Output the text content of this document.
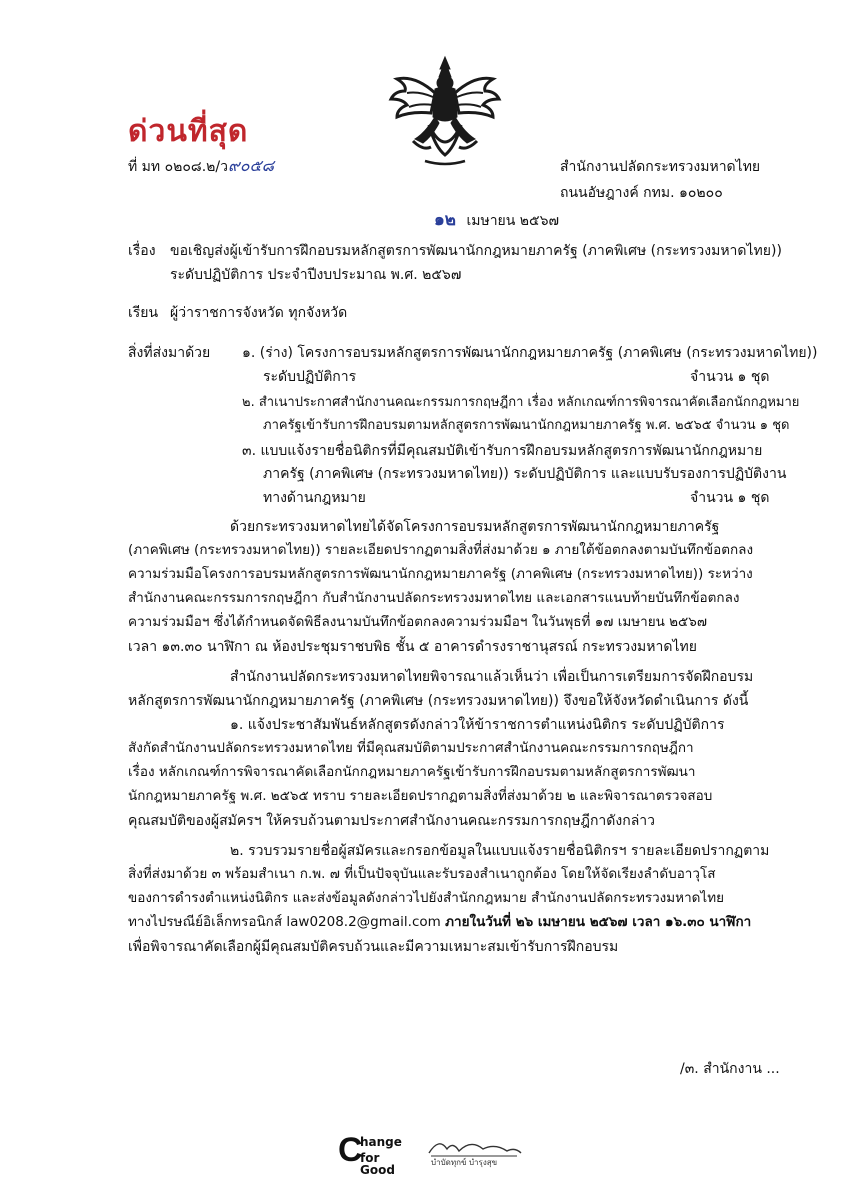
ด่วนที่สุด
ที่ มท ๐๒๐๘.๒/ว๙๐๕๘	สำนักงานปลัดกระทรวงมหาดไทย
ถนนอัษฎางค์ กทม. ๑๐๒๐๐
๑๒ เมษายน ๒๕๖๗
เรื่อง ขอเชิญส่งผู้เข้ารับการฝึกอบรมหลักสูตรการพัฒนานักกฎหมายภาครัฐ (ภาคพิเศษ (กระทรวงมหาดไทย))
ระดับปฏิบัติการ ประจำปีงบประมาณ พ.ศ. ๒๕๖๗
เรียน ผู้ว่าราชการจังหวัด ทุกจังหวัด
สิ่งที่ส่งมาด้วย ๑. (ร่าง) โครงการอบรมหลักสูตรการพัฒนานักกฎหมายภาครัฐ (ภาคพิเศษ (กระทรวงมหาดไทย))
ระดับปฏิบัติการ	จำนวน ๑ ชุด
๒. สำเนาประกาศสำนักงานคณะกรรมการกฤษฎีกา เรื่อง หลักเกณฑ์การพิจารณาคัดเลือกนักกฎหมาย
ภาครัฐเข้ารับการฝึกอบรมตามหลักสูตรการพัฒนานักกฎหมายภาครัฐ พ.ศ. ๒๕๖๕ จำนวน ๑ ชุด
๓. แบบแจ้งรายชื่อนิติกรที่มีคุณสมบัติเข้ารับการฝึกอบรมหลักสูตรการพัฒนานักกฎหมาย
ภาครัฐ (ภาคพิเศษ (กระทรวงมหาดไทย)) ระดับปฏิบัติการ และแบบรับรองการปฏิบัติงาน
ทางด้านกฎหมาย	จำนวน ๑ ชุด
ด้วยกระทรวงมหาดไทยได้จัดโครงการอบรมหลักสูตรการพัฒนานักกฎหมายภาครัฐ
(ภาคพิเศษ (กระทรวงมหาดไทย)) รายละเอียดปรากฏตามสิ่งที่ส่งมาด้วย ๑ ภายใต้ข้อตกลงตามบันทึกข้อตกลง
ความร่วมมือโครงการอบรมหลักสูตรการพัฒนานักกฎหมายภาครัฐ (ภาคพิเศษ (กระทรวงมหาดไทย)) ระหว่าง
สำนักงานคณะกรรมการกฤษฎีกา กับสำนักงานปลัดกระทรวงมหาดไทย และเอกสารแนบท้ายบันทึกข้อตกลง
ความร่วมมือฯ ซึ่งได้กำหนดจัดพิธีลงนามบันทึกข้อตกลงความร่วมมือฯ ในวันพุธที่ ๑๗ เมษายน ๒๕๖๗
เวลา ๑๓.๓๐ นาฬิกา ณ ห้องประชุมราชบพิธ ชั้น ๕ อาคารดำรงราชานุสรณ์ กระทรวงมหาดไทย
สำนักงานปลัดกระทรวงมหาดไทยพิจารณาแล้วเห็นว่า เพื่อเป็นการเตรียมการจัดฝึกอบรม
หลักสูตรการพัฒนานักกฎหมายภาครัฐ (ภาคพิเศษ (กระทรวงมหาดไทย)) จึงขอให้จังหวัดดำเนินการ ดังนี้
๑. แจ้งประชาสัมพันธ์หลักสูตรดังกล่าวให้ข้าราชการตำแหน่งนิติกร ระดับปฏิบัติการ
สังกัดสำนักงานปลัดกระทรวงมหาดไทย ที่มีคุณสมบัติตามประกาศสำนักงานคณะกรรมการกฤษฎีกา
เรื่อง หลักเกณฑ์การพิจารณาคัดเลือกนักกฎหมายภาครัฐเข้ารับการฝึกอบรมตามหลักสูตรการพัฒนา
นักกฎหมายภาครัฐ พ.ศ. ๒๕๖๕ ทราบ รายละเอียดปรากฏตามสิ่งที่ส่งมาด้วย ๒ และพิจารณาตรวจสอบ
คุณสมบัติของผู้สมัครฯ ให้ครบถ้วนตามประกาศสำนักงานคณะกรรมการกฤษฎีกาดังกล่าว
๒. รวบรวมรายชื่อผู้สมัครและกรอกข้อมูลในแบบแจ้งรายชื่อนิติกรฯ รายละเอียดปรากฏตาม
สิ่งที่ส่งมาด้วย ๓ พร้อมสำเนา ก.พ. ๗ ที่เป็นปัจจุบันและรับรองสำเนาถูกต้อง โดยให้จัดเรียงลำดับอาวุโส
ของการดำรงตำแหน่งนิติกร และส่งข้อมูลดังกล่าวไปยังสำนักกฎหมาย สำนักงานปลัดกระทรวงมหาดไทย
ทางไปรษณีย์อิเล็กทรอนิกส์ law0208.2@gmail.com ภายในวันที่ ๒๖ เมษายน ๒๕๖๗ เวลา ๑๖.๓๐ นาฬิกา
เพื่อพิจารณาคัดเลือกผู้มีคุณสมบัติครบถ้วนและมีความเหมาะสมเข้ารับการฝึกอบรม
/๓. สำนักงาน ...
C
hange
for Good
บำบัดทุกข์ บำรุงสุข
